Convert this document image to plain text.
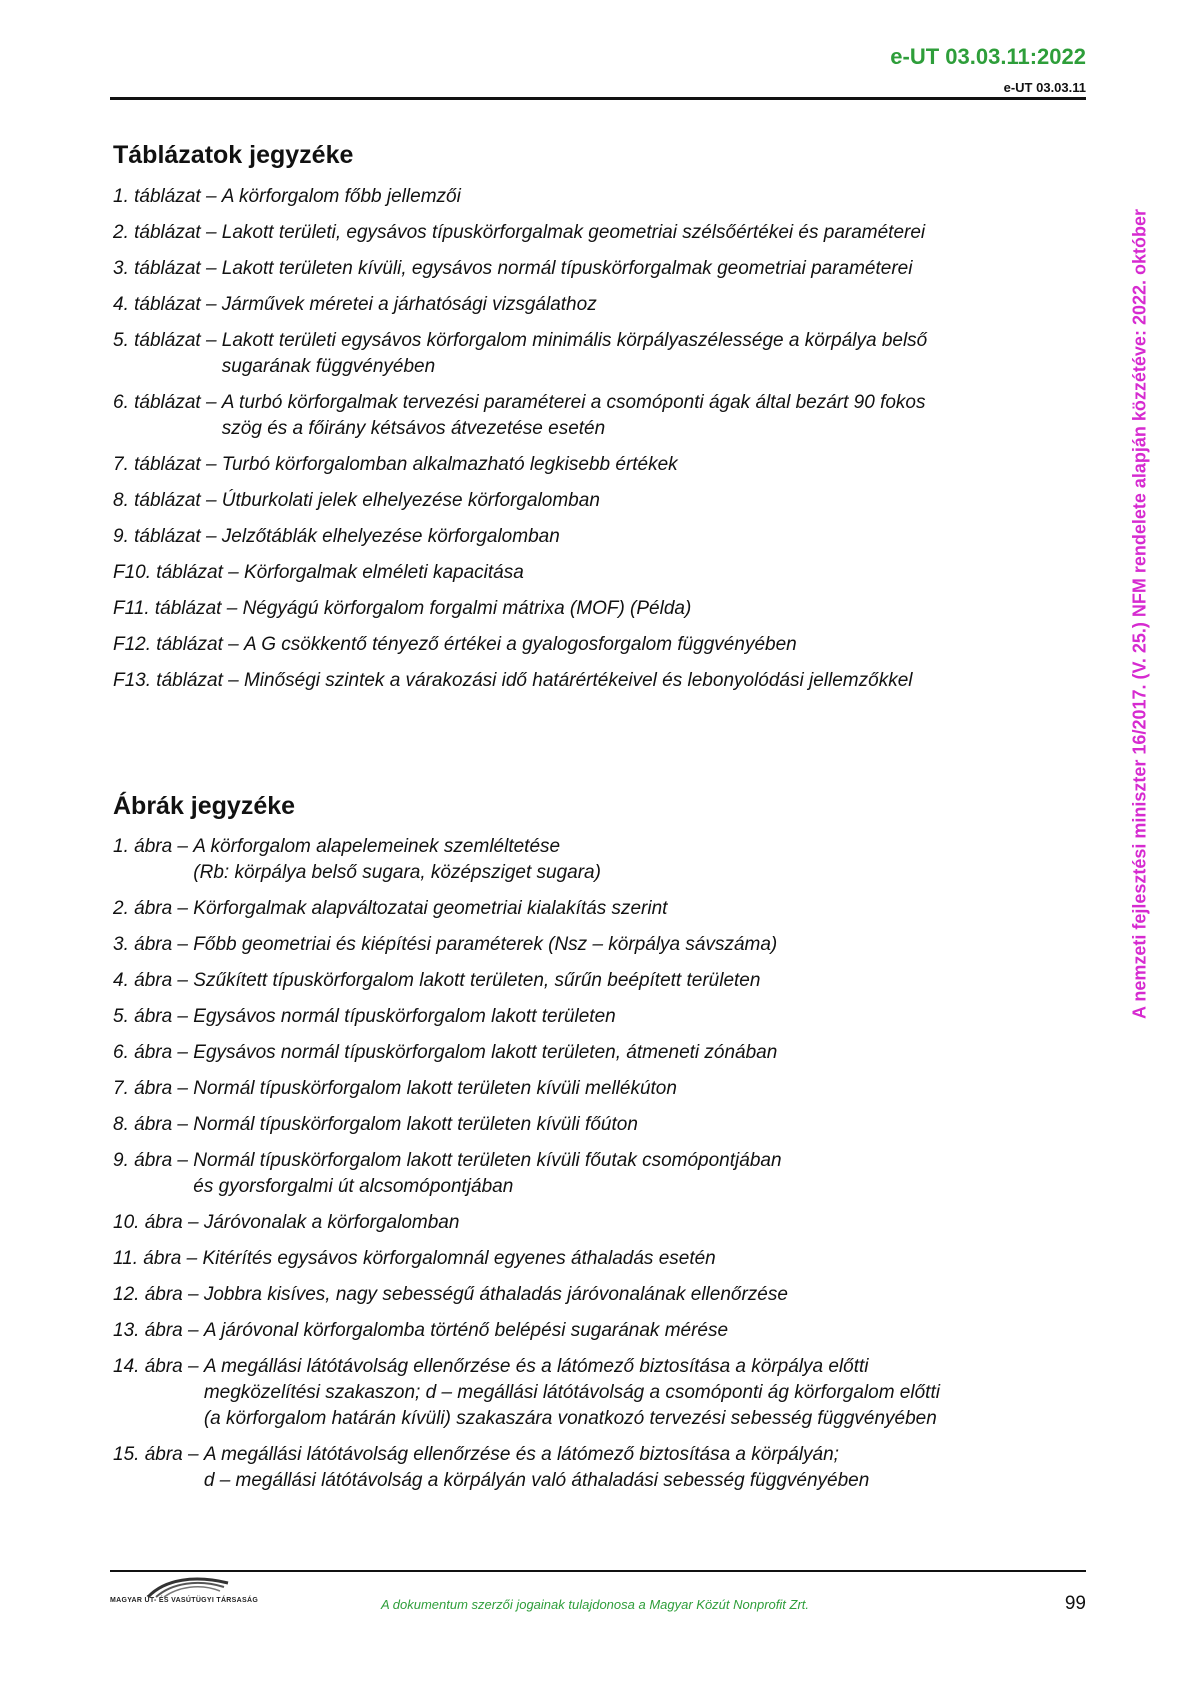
e-UT 03.03.11:2022
e-UT 03.03.11
A nemzeti fejlesztési miniszter 16/2017. (V. 25.) NFM rendelete alapján közzétéve: 2022. október
Táblázatok jegyzéke
1. táblázat – A körforgalom főbb jellemzői
2. táblázat – Lakott területi, egysávos típuskörforgalmak geometriai szélsőértékei és paraméterei
3. táblázat – Lakott területen kívüli, egysávos normál típuskörforgalmak geometriai paraméterei
4. táblázat – Járművek méretei a járhatósági vizsgálathoz
5. táblázat – Lakott területi egysávos körforgalom minimális körpályaszélessége a körpálya belső
sugarának függvényében
6. táblázat – A turbó körforgalmak tervezési paraméterei a csomóponti ágak által bezárt 90 fokos
szög és a főirány kétsávos átvezetése esetén
7. táblázat – Turbó körforgalomban alkalmazható legkisebb értékek
8. táblázat – Útburkolati jelek elhelyezése körforgalomban
9. táblázat – Jelzőtáblák elhelyezése körforgalomban
F10. táblázat – Körforgalmak elméleti kapacitása
F11. táblázat – Négyágú körforgalom forgalmi mátrixa (MOF) (Példa)
F12. táblázat – A G csökkentő tényező értékei a gyalogosforgalom függvényében
F13. táblázat – Minőségi szintek a várakozási idő határértékeivel és lebonyolódási jellemzőkkel
Ábrák jegyzéke
1. ábra – A körforgalom alapelemeinek szemléltetése
(Rb: körpálya belső sugara, középsziget sugara)
2. ábra – Körforgalmak alapváltozatai geometriai kialakítás szerint
3. ábra – Főbb geometriai és kiépítési paraméterek (Nsz – körpálya sávszáma)
4. ábra – Szűkített típuskörforgalom lakott területen, sűrűn beépített területen
5. ábra – Egysávos normál típuskörforgalom lakott területen
6. ábra – Egysávos normál típuskörforgalom lakott területen, átmeneti zónában
7. ábra – Normál típuskörforgalom lakott területen kívüli mellékúton
8. ábra – Normál típuskörforgalom lakott területen kívüli főúton
9. ábra – Normál típuskörforgalom lakott területen kívüli főutak csomópontjában
és gyorsforgalmi út alcsomópontjában
10. ábra – Járóvonalak a körforgalomban
11. ábra – Kitérítés egysávos körforgalomnál egyenes áthaladás esetén
12. ábra – Jobbra kisíves, nagy sebességű áthaladás járóvonalának ellenőrzése
13. ábra – A járóvonal körforgalomba történő belépési sugarának mérése
14. ábra – A megállási látótávolság ellenőrzése és a látómező biztosítása a körpálya előtti
megközelítési szakaszon; d – megállási látótávolság a csomóponti ág körforgalom előtti
(a körforgalom határán kívüli) szakaszára vonatkozó tervezési sebesség függvényében
15. ábra – A megállási látótávolság ellenőrzése és a látómező biztosítása a körpályán;
d – megállási látótávolság a körpályán való áthaladási sebesség függvényében
MAGYAR ÚT- ÉS VASÚTÜGYI TÁRSASÁG	A dokumentum szerzői jogainak tulajdonosa a Magyar Közút Nonprofit Zrt.	99
